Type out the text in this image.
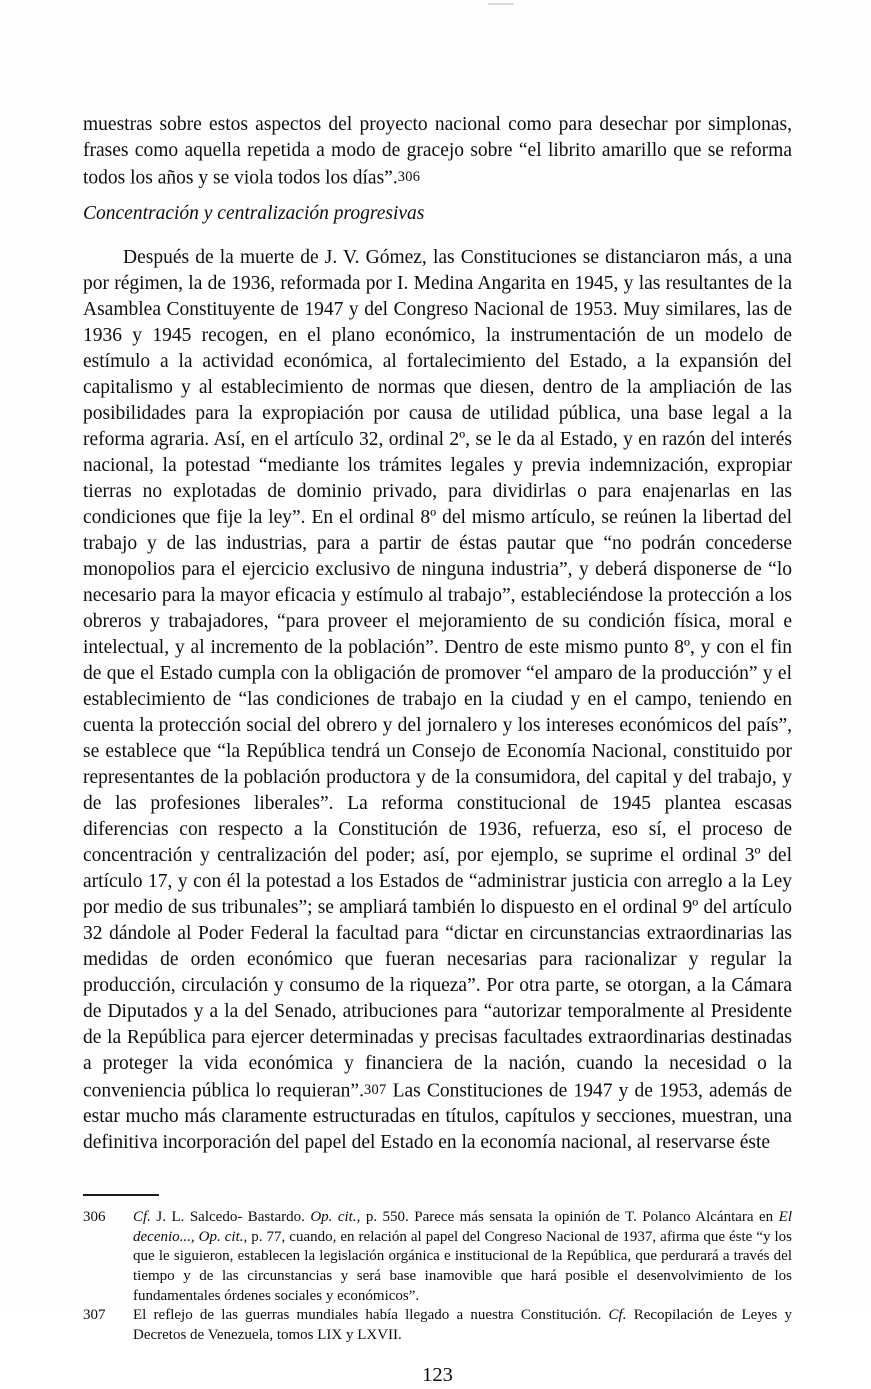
muestras sobre estos aspectos del proyecto nacional como para desechar por simplonas, frases como aquella repetida a modo de gracejo sobre “el librito amarillo que se reforma todos los años y se viola todos los días”.306

Concentración y centralización progresivas

Después de la muerte de J. V. Gómez, las Constituciones se distanciaron más, a una por régimen, la de 1936, reformada por I. Medina Angarita en 1945, y las resultantes de la Asamblea Constituyente de 1947 y del Congreso Nacional de 1953. Muy similares, las de 1936 y 1945 recogen, en el plano económico, la instrumentación de un modelo de estímulo a la actividad económica, al fortalecimiento del Estado, a la expansión del capitalismo y al establecimiento de normas que diesen, dentro de la ampliación de las posibilidades para la expropiación por causa de utilidad pública, una base legal a la reforma agraria. Así, en el artículo 32, ordinal 2º, se le da al Estado, y en razón del interés nacional, la potestad “mediante los trámites legales y previa indemnización, expropiar tierras no explotadas de dominio privado, para dividirlas o para enajenarlas en las condiciones que fije la ley”. En el ordinal 8º del mismo artículo, se reúnen la libertad del trabajo y de las industrias, para a partir de éstas pautar que “no podrán concederse monopolios para el ejercicio exclusivo de ninguna industria”, y deberá disponerse de “lo necesario para la mayor eficacia y estímulo al trabajo”, estableciéndose la protección a los obreros y trabajadores, “para proveer el mejoramiento de su condición física, moral e intelectual, y al incremento de la población”. Dentro de este mismo punto 8º, y con el fin de que el Estado cumpla con la obligación de promover “el amparo de la producción” y el establecimiento de “las condiciones de trabajo en la ciudad y en el campo, teniendo en cuenta la protección social del obrero y del jornalero y los intereses económicos del país”, se establece que “la República tendrá un Consejo de Economía Nacional, constituido por representantes de la población productora y de la consumidora, del capital y del trabajo, y de las profesiones liberales”. La reforma constitucional de 1945 plantea escasas diferencias con respecto a la Constitución de 1936, refuerza, eso sí, el proceso de concentración y centralización del poder; así, por ejemplo, se suprime el ordinal 3º del artículo 17, y con él la potestad a los Estados de “administrar justicia con arreglo a la Ley por medio de sus tribunales”; se ampliará también lo dispuesto en el ordinal 9º del artículo 32 dándole al Poder Federal la facultad para “dictar en circunstancias extraordinarias las medidas de orden económico que fueran necesarias para racionalizar y regular la producción, circulación y consumo de la riqueza”. Por otra parte, se otorgan, a la Cámara de Diputados y a la del Senado, atribuciones para “autorizar temporalmente al Presidente de la República para ejercer determinadas y precisas facultades extraordinarias destinadas a proteger la vida económica y financiera de la nación, cuando la necesidad o la conveniencia pública lo requieran”.307 Las Constituciones de 1947 y de 1953, además de estar mucho más claramente estructuradas en títulos, capítulos y secciones, muestran, una definitiva incorporación del papel del Estado en la economía nacional, al reservarse éste

306	Cf. J. L. Salcedo- Bastardo. Op. cit., p. 550. Parece más sensata la opinión de T. Polanco Alcántara en El decenio..., Op. cit., p. 77, cuando, en relación al papel del Congreso Nacional de 1937, afirma que éste “y los que le siguieron, establecen la legislación orgánica e institucional de la República, que perdurará a través del tiempo y de las circunstancias y será base inamovible que hará posible el desenvolvimiento de los fundamentales órdenes sociales y económicos”.
307	El reflejo de las guerras mundiales había llegado a nuestra Constitución. Cf. Recopilación de Leyes y Decretos de Venezuela, tomos LIX y LXVII.
123
